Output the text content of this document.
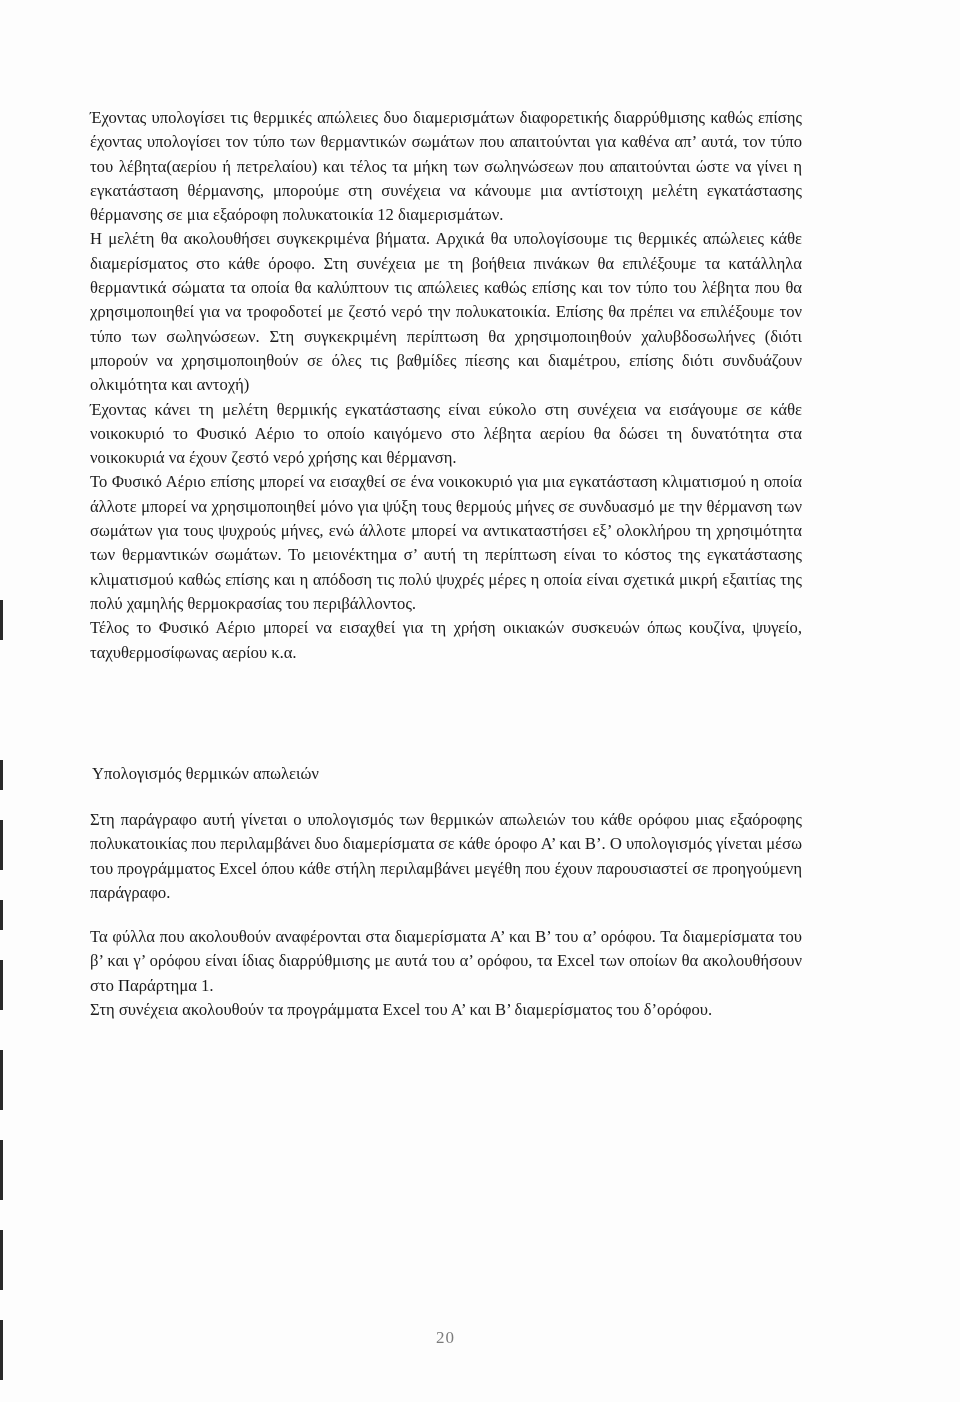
Έχοντας υπολογίσει τις θερμικές απώλειες δυο διαμερισμάτων διαφορετικής διαρρύθμισης καθώς επίσης έχοντας υπολογίσει τον τύπο των θερμαντικών σωμάτων που απαιτούνται για καθένα απ’ αυτά, τον τύπο του λέβητα(αερίου ή πετρελαίου) και τέλος τα μήκη των σωληνώσεων που απαιτούνται ώστε να γίνει η εγκατάσταση θέρμανσης, μπορούμε στη συνέχεια να κάνουμε μια αντίστοιχη μελέτη εγκατάστασης θέρμανσης σε μια εξαόροφη πολυκατοικία 12 διαμερισμάτων.

Η μελέτη θα ακολουθήσει συγκεκριμένα βήματα. Αρχικά θα υπολογίσουμε τις θερμικές απώλειες κάθε διαμερίσματος στο κάθε όροφο. Στη συνέχεια με τη βοήθεια πινάκων θα επιλέξουμε τα κατάλληλα θερμαντικά σώματα τα οποία θα καλύπτουν τις απώλειες καθώς επίσης και τον τύπο του λέβητα που θα χρησιμοποιηθεί για να τροφοδοτεί με ζεστό νερό την πολυκατοικία. Επίσης θα πρέπει να επιλέξουμε τον τύπο των σωληνώσεων. Στη συγκεκριμένη περίπτωση θα χρησιμοποιηθούν χαλυβδοσωλήνες (διότι μπορούν να χρησιμοποιηθούν σε όλες τις βαθμίδες πίεσης και διαμέτρου, επίσης διότι συνδυάζουν ολκιμότητα και αντοχή)

Έχοντας κάνει τη μελέτη θερμικής εγκατάστασης είναι εύκολο στη συνέχεια να εισάγουμε σε κάθε νοικοκυριό το Φυσικό Αέριο το οποίο καιγόμενο στο λέβητα αερίου θα δώσει τη δυνατότητα στα νοικοκυριά να έχουν ζεστό νερό χρήσης και θέρμανση.

Το Φυσικό Αέριο επίσης μπορεί να εισαχθεί σε ένα νοικοκυριό για μια εγκατάσταση κλιματισμού η οποία άλλοτε μπορεί να χρησιμοποιηθεί μόνο για ψύξη τους θερμούς μήνες σε συνδυασμό με την θέρμανση των σωμάτων για τους ψυχρούς μήνες, ενώ άλλοτε μπορεί να αντικαταστήσει εξ’ ολοκλήρου τη χρησιμότητα των θερμαντικών σωμάτων. Το μειονέκτημα σ’ αυτή τη περίπτωση είναι το κόστος της εγκατάστασης κλιματισμού καθώς επίσης και η απόδοση τις πολύ ψυχρές μέρες η οποία είναι σχετικά μικρή εξαιτίας της πολύ χαμηλής θερμοκρασίας του περιβάλλοντος.

Τέλος το Φυσικό Αέριο μπορεί να εισαχθεί για τη χρήση οικιακών συσκευών όπως κουζίνα, ψυγείο, ταχυθερμοσίφωνας αερίου κ.α.

Υπολογισμός θερμικών απωλειών

Στη παράγραφο αυτή γίνεται ο υπολογισμός των θερμικών απωλειών του κάθε ορόφου μιας εξαόροφης πολυκατοικίας που περιλαμβάνει δυο διαμερίσματα σε κάθε όροφο Α’ και Β’. Ο υπολογισμός γίνεται μέσω του προγράμματος Excel όπου κάθε στήλη περιλαμβάνει μεγέθη που έχουν παρουσιαστεί σε προηγούμενη παράγραφο.

Τα φύλλα που ακολουθούν αναφέρονται στα διαμερίσματα Α’ και Β’ του α’ ορόφου. Τα διαμερίσματα του β’ και γ’ ορόφου είναι ίδιας διαρρύθμισης με αυτά του α’ ορόφου, τα Excel των οποίων θα ακολουθήσουν στο Παράρτημα 1.

Στη συνέχεια ακολουθούν τα προγράμματα Excel του Α’ και Β’ διαμερίσματος του δ’ορόφου.

20
